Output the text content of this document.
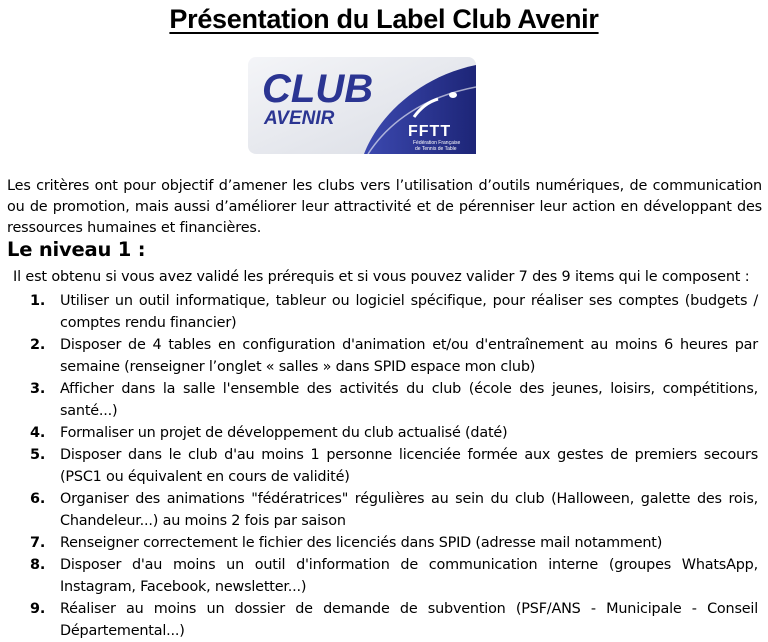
Présentation du Label Club Avenir
CLUB
AVENIR
FFTT
Fédération Française
de Tennis de Table

Les critères ont pour objectif d’amener les clubs vers l’utilisation d’outils numériques, de communication ou de promotion, mais aussi d’améliorer leur attractivité et de pérenniser leur action en développant des ressources humaines et financières.

Le niveau 1 :

Il est obtenu si vous avez validé les prérequis et si vous pouvez valider 7 des 9 items qui le composent :

1. Utiliser un outil informatique, tableur ou logiciel spécifique, pour réaliser ses comptes (budgets / comptes rendu financier)
2. Disposer de 4 tables en configuration d'animation et/ou d'entraînement au moins 6 heures par semaine (renseigner l’onglet « salles » dans SPID espace mon club)
3. Afficher dans la salle l'ensemble des activités du club (école des jeunes, loisirs, compétitions, santé...)
4. Formaliser un projet de développement du club actualisé (daté)
5. Disposer dans le club d'au moins 1 personne licenciée formée aux gestes de premiers secours (PSC1 ou équivalent en cours de validité)
6. Organiser des animations "fédératrices" régulières au sein du club (Halloween, galette des rois, Chandeleur...) au moins 2 fois par saison
7. Renseigner correctement le fichier des licenciés dans SPID (adresse mail notamment)
8. Disposer d'au moins un outil d'information de communication interne (groupes WhatsApp, Instagram, Facebook, newsletter...)
9. Réaliser au moins un dossier de demande de subvention (PSF/ANS - Municipale - Conseil Départemental...)
